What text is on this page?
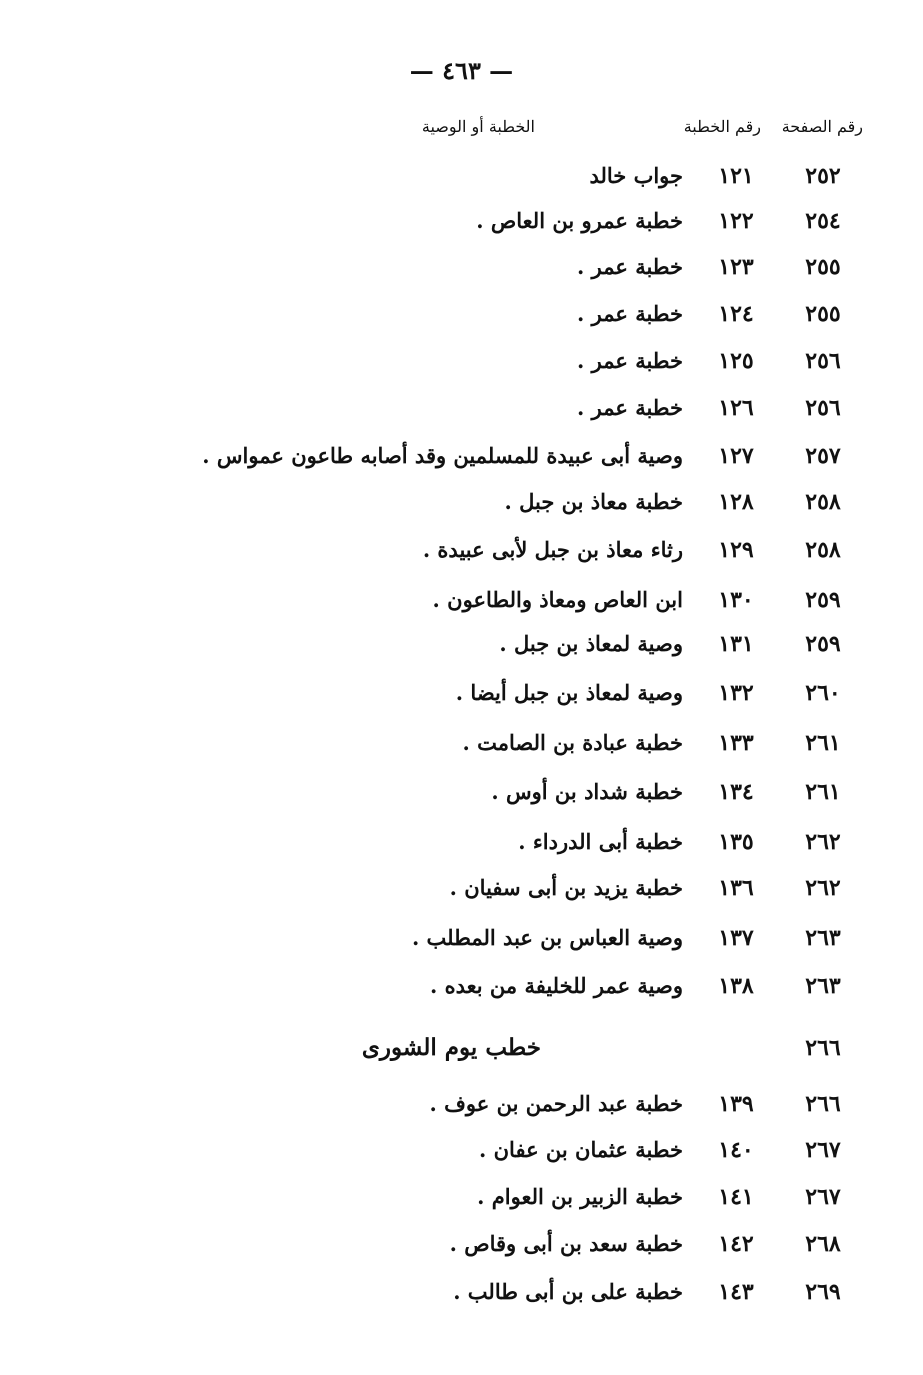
— ٤٦٣ —
رقم الصفحة
رقم الخطبة
الخطبة أو الوصية
٢٥٢
١٢١
جواب خالد
٢٥٤
١٢٢
خطبة عمرو بن العاص .
٢٥٥
١٢٣
خطبة عمر .
٢٥٥
١٢٤
خطبة عمر .
٢٥٦
١٢٥
خطبة عمر .
٢٥٦
١٢٦
خطبة عمر .
٢٥٧
١٢٧
وصية أبى عبيدة للمسلمين وقد أصابه طاعون عمواس .
٢٥٨
١٢٨
خطبة معاذ بن جبل .
٢٥٨
١٢٩
رثاء معاذ بن جبل لأبى عبيدة .
٢٥٩
١٣٠
ابن العاص ومعاذ والطاعون .
٢٥٩
١٣١
وصية لمعاذ بن جبل .
٢٦٠
١٣٢
وصية لمعاذ بن جبل أيضا .
٢٦١
١٣٣
خطبة عبادة بن الصامت .
٢٦١
١٣٤
خطبة شداد بن أوس .
٢٦٢
١٣٥
خطبة أبى الدرداء .
٢٦٢
١٣٦
خطبة يزيد بن أبى سفيان .
٢٦٣
١٣٧
وصية العباس بن عبد المطلب .
٢٦٣
١٣٨
وصية عمر للخليفة من بعده .
٢٦٦
خطب يوم الشورى
٢٦٦
١٣٩
خطبة عبد الرحمن بن عوف .
٢٦٧
١٤٠
خطبة عثمان بن عفان .
٢٦٧
١٤١
خطبة الزبير بن العوام .
٢٦٨
١٤٢
خطبة سعد بن أبى وقاص .
٢٦٩
١٤٣
خطبة على بن أبى طالب .
